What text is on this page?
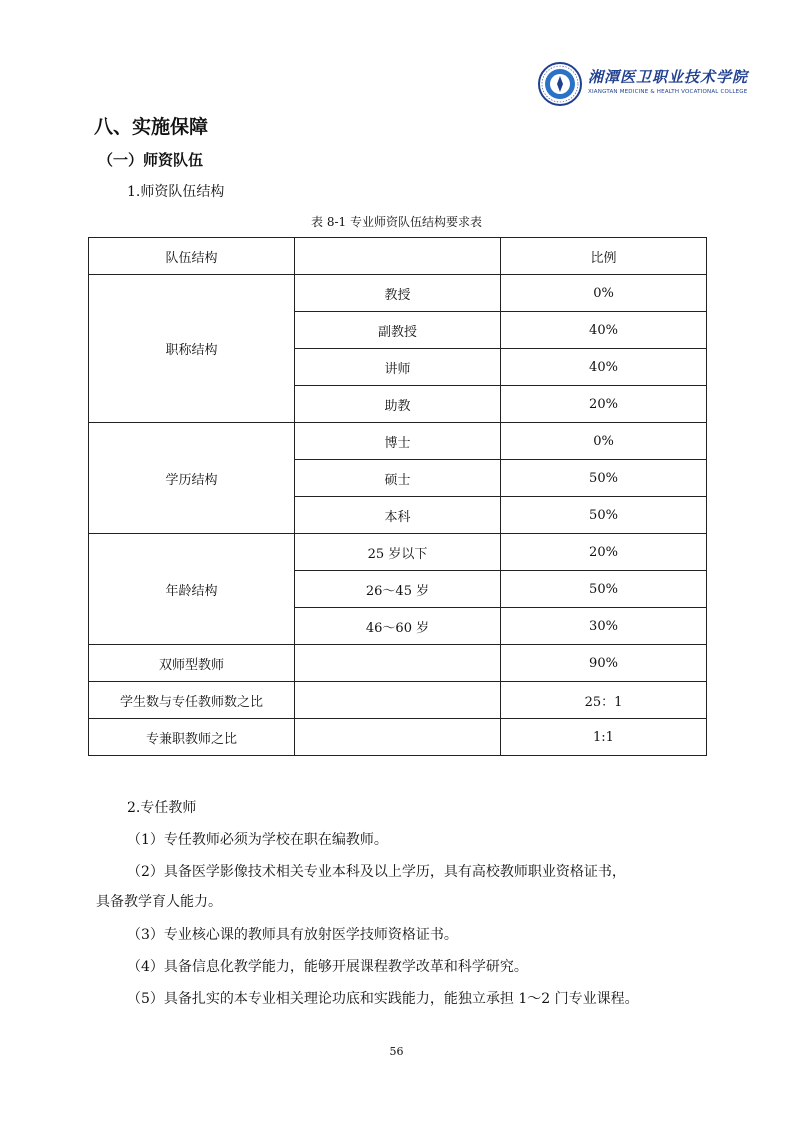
湘潭医卫职业技术学院
XIANGTAN MEDICINE & HEALTH VOCATIONAL COLLEGE
八、实施保障
（一）师资队伍
1.师资队伍结构
表 8-1 专业师资队伍结构要求表
队伍结构		比例
职称结构	教授	0%
	副教授	40%
	讲师	40%
	助教	20%
学历结构	博士	0%
	硕士	50%
	本科	50%
年龄结构	25 岁以下	20%
	26～45 岁	50%
	46～60 岁	30%
双师型教师		90%
学生数与专任教师数之比		25：1
专兼职教师之比		1:1
2.专任教师
（1）专任教师必须为学校在职在编教师。
（2）具备医学影像技术相关专业本科及以上学历，具有高校教师职业资格证书，
具备教学育人能力。
（3）专业核心课的教师具有放射医学技师资格证书。
（4）具备信息化教学能力，能够开展课程教学改革和科学研究。
（5）具备扎实的本专业相关理论功底和实践能力，能独立承担 1～2 门专业课程。
56
